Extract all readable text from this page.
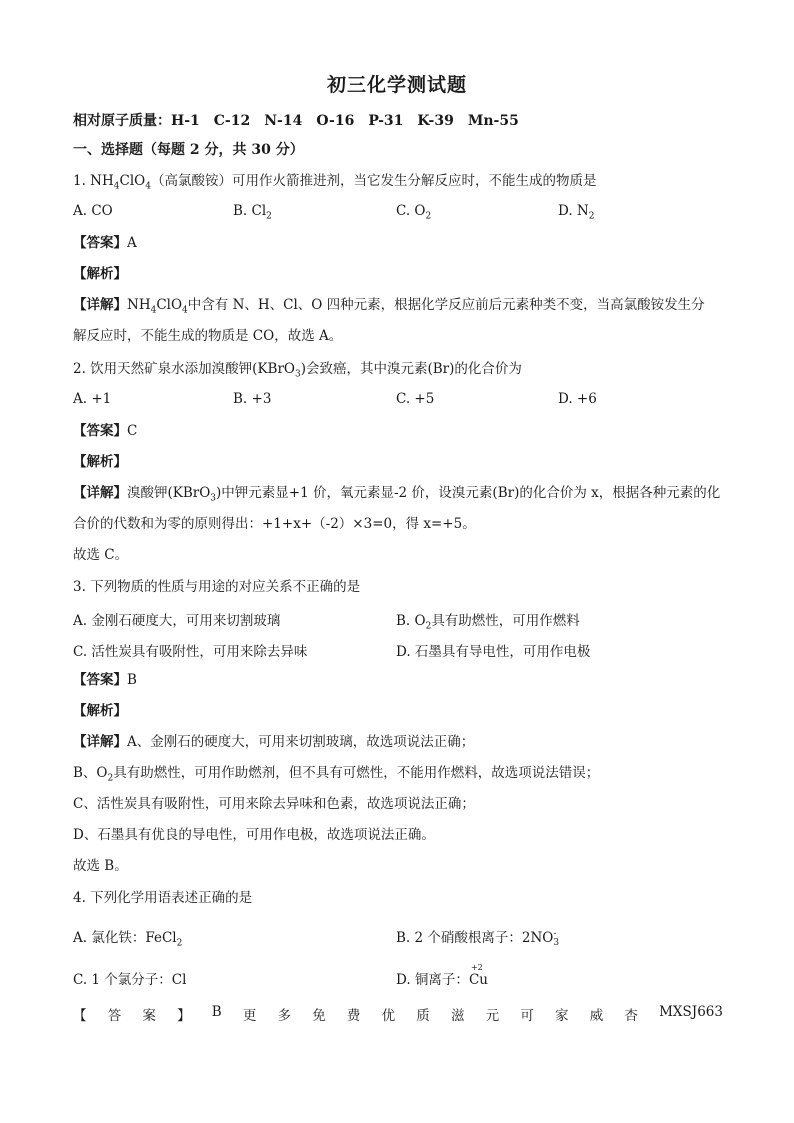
初三化学测试题
相对原子质量：H-1 C-12 N-14 O-16 P-31 K-39 Mn-55
一、选择题（每题 2 分，共 30 分）
1. $NH_4ClO_4$（高氯酸铵）可用作火箭推进剂，当它发生分解反应时，不能生成的物质是
A. CO	B. $Cl_2$	C. $O_2$	D. $N_2$
【答案】A
【解析】
【详解】$NH_4ClO_4$中含有 N、H、Cl、O 四种元素，根据化学反应前后元素种类不变，当高氯酸铵发生分
解反应时，不能生成的物质是 CO，故选 A。
2. 饮用天然矿泉水添加溴酸钾(KBrO$_3$)会致癌，其中溴元素(Br)的化合价为
A. +1	B. +3	C. +5	D. +6
【答案】C
【解析】
【详解】溴酸钾(KBrO$_3$)中钾元素显+1 价，氧元素显-2 价，设溴元素(Br)的化合价为 x，根据各种元素的化
合价的代数和为零的原则得出：+1+x+（-2）×3=0，得 x=+5。
故选 C。
3. 下列物质的性质与用途的对应关系不正确的是
A. 金刚石硬度大，可用来切割玻璃	B. $O_2$具有助燃性，可用作燃料
C. 活性炭具有吸附性，可用来除去异味	D. 石墨具有导电性，可用作电极
【答案】B
【解析】
【详解】A、金刚石的硬度大，可用来切割玻璃，故选项说法正确；
B、$O_2$具有助燃性，可用作助燃剂，但不具有可燃性，不能用作燃料，故选项说法错误；
C、活性炭具有吸附性，可用来除去异味和色素，故选项说法正确；
D、石墨具有优良的导电性，可用作电极，故选项说法正确。
故选 B。
4. 下列化学用语表述正确的是
A. 氯化铁：FeCl$_2$	B. 2 个硝酸根离子：2NO -
3
C. 1 个氯分子：Cl	D. 铜离子：
+2
Cu
【 答 案 】 B 更 多 免 费 优 质 滋 元 可 家 威 杏 MXSJ663
